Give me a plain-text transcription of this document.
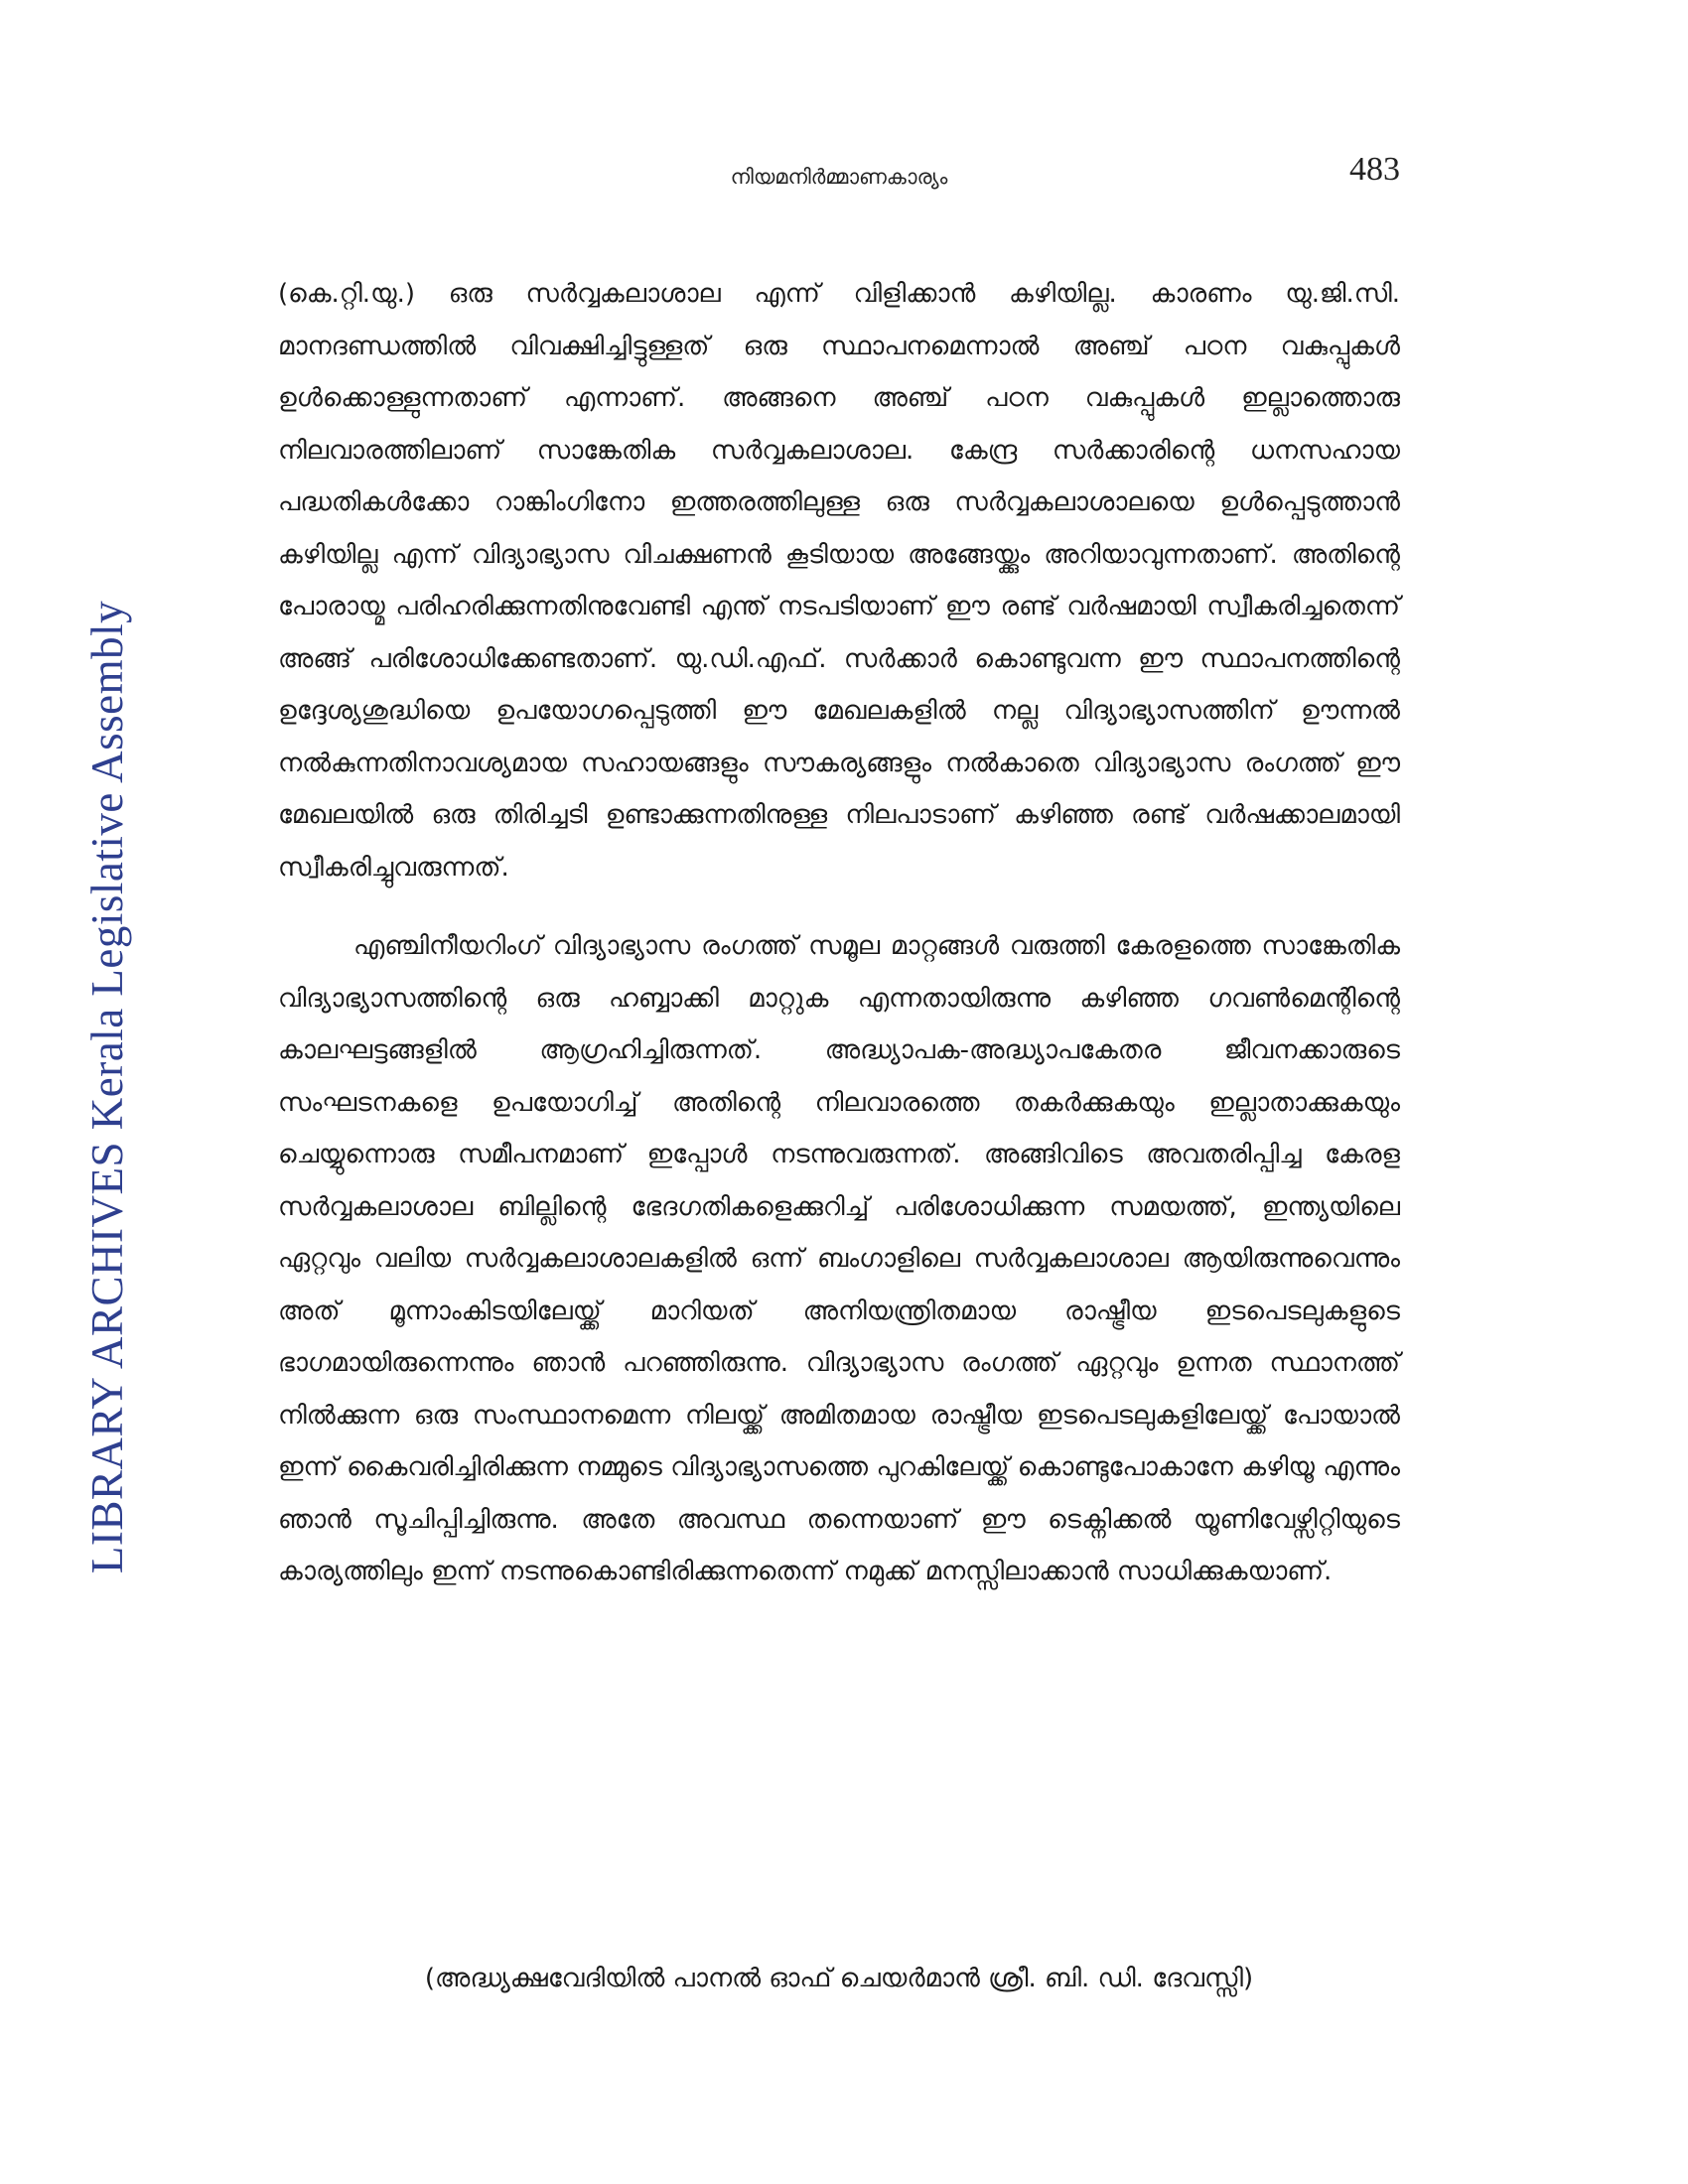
നിയമനിർമ്മാണകാര്യം	483
LIBRARY ARCHIVES Kerala Legislative Assembly

(കെ.റ്റി.യു.) ഒരു സർവ്വകലാശാല എന്ന് വിളിക്കാൻ കഴിയില്ല. കാരണം യു.ജി.സി. മാനദണ്ഡത്തിൽ വിവക്ഷിച്ചിട്ടുള്ളത് ഒരു സ്ഥാപനമെന്നാൽ അഞ്ച് പഠന വകുപ്പുകൾ ഉൾക്കൊള്ളുന്നതാണ് എന്നാണ്. അങ്ങനെ അഞ്ച് പഠന വകുപ്പുകൾ ഇല്ലാത്തൊരു നിലവാരത്തിലാണ് സാങ്കേതിക സർവ്വകലാശാല. കേന്ദ്ര സർക്കാരിന്റെ ധനസഹായ പദ്ധതികൾക്കോ റാങ്കിംഗിനോ ഇത്തരത്തിലുള്ള ഒരു സർവ്വകലാശാലയെ ഉൾപ്പെടുത്താൻ കഴിയില്ല എന്ന് വിദ്യാഭ്യാസ വിചക്ഷണൻ കൂടിയായ അങ്ങേയ്ക്കും അറിയാവുന്നതാണ്. അതിന്റെ പോരായ്മ പരിഹരിക്കുന്നതിനുവേണ്ടി എന്ത് നടപടിയാണ് ഈ രണ്ട് വർഷമായി സ്വീകരിച്ചതെന്ന് അങ്ങ് പരിശോധിക്കേണ്ടതാണ്. യു.ഡി.എഫ്. സർക്കാർ കൊണ്ടുവന്ന ഈ സ്ഥാപനത്തിന്റെ ഉദ്ദേശ്യശുദ്ധിയെ ഉപയോഗപ്പെടുത്തി ഈ മേഖലകളിൽ നല്ല വിദ്യാഭ്യാസത്തിന് ഊന്നൽ നൽകുന്നതിനാവശ്യമായ സഹായങ്ങളും സൗകര്യങ്ങളും നൽകാതെ വിദ്യാഭ്യാസ രംഗത്ത് ഈ മേഖലയിൽ ഒരു തിരിച്ചടി ഉണ്ടാക്കുന്നതിനുള്ള നിലപാടാണ് കഴിഞ്ഞ രണ്ട് വർഷക്കാലമായി സ്വീകരിച്ചുവരുന്നത്.

എഞ്ചിനീയറിംഗ് വിദ്യാഭ്യാസ രംഗത്ത് സമൂല മാറ്റങ്ങൾ വരുത്തി കേരളത്തെ സാങ്കേതിക വിദ്യാഭ്യാസത്തിന്റെ ഒരു ഹബ്ബാക്കി മാറ്റുക എന്നതായിരുന്നു കഴിഞ്ഞ ഗവൺമെന്റിന്റെ കാലഘട്ടങ്ങളിൽ ആഗ്രഹിച്ചിരുന്നത്. അദ്ധ്യാപക-അദ്ധ്യാപകേതര ജീവനക്കാരുടെ സംഘടനകളെ ഉപയോഗിച്ച് അതിന്റെ നിലവാരത്തെ തകർക്കുകയും ഇല്ലാതാക്കുകയും ചെയ്യുന്നൊരു സമീപനമാണ് ഇപ്പോൾ നടന്നുവരുന്നത്. അങ്ങിവിടെ അവതരിപ്പിച്ച കേരള സർവ്വകലാശാല ബില്ലിന്റെ ഭേദഗതികളെക്കുറിച്ച് പരിശോധിക്കുന്ന സമയത്ത്, ഇന്ത്യയിലെ ഏറ്റവും വലിയ സർവ്വകലാശാലകളിൽ ഒന്ന് ബംഗാളിലെ സർവ്വകലാശാല ആയിരുന്നുവെന്നും അത് മൂന്നാംകിടയിലേയ്ക്ക് മാറിയത് അനിയന്ത്രിതമായ രാഷ്ട്രീയ ഇടപെടലുകളുടെ ഭാഗമായിരുന്നെന്നും ഞാൻ പറഞ്ഞിരുന്നു. വിദ്യാഭ്യാസ രംഗത്ത് ഏറ്റവും ഉന്നത സ്ഥാനത്ത് നിൽക്കുന്ന ഒരു സംസ്ഥാനമെന്ന നിലയ്ക്ക് അമിതമായ രാഷ്ട്രീയ ഇടപെടലുകളിലേയ്ക്ക് പോയാൽ ഇന്ന് കൈവരിച്ചിരിക്കുന്ന നമ്മുടെ വിദ്യാഭ്യാസത്തെ പുറകിലേയ്ക്ക് കൊണ്ടുപോകാനേ കഴിയൂ എന്നും ഞാൻ സൂചിപ്പിച്ചിരുന്നു. അതേ അവസ്ഥ തന്നെയാണ് ഈ ടെക്നിക്കൽ യൂണിവേഴ്സിറ്റിയുടെ കാര്യത്തിലും ഇന്ന് നടന്നുകൊണ്ടിരിക്കുന്നതെന്ന് നമുക്ക് മനസ്സിലാക്കാൻ സാധിക്കുകയാണ്.

(അദ്ധ്യക്ഷവേദിയിൽ പാനൽ ഓഫ് ചെയർമാൻ ശ്രീ. ബി. ഡി. ദേവസ്സി)
